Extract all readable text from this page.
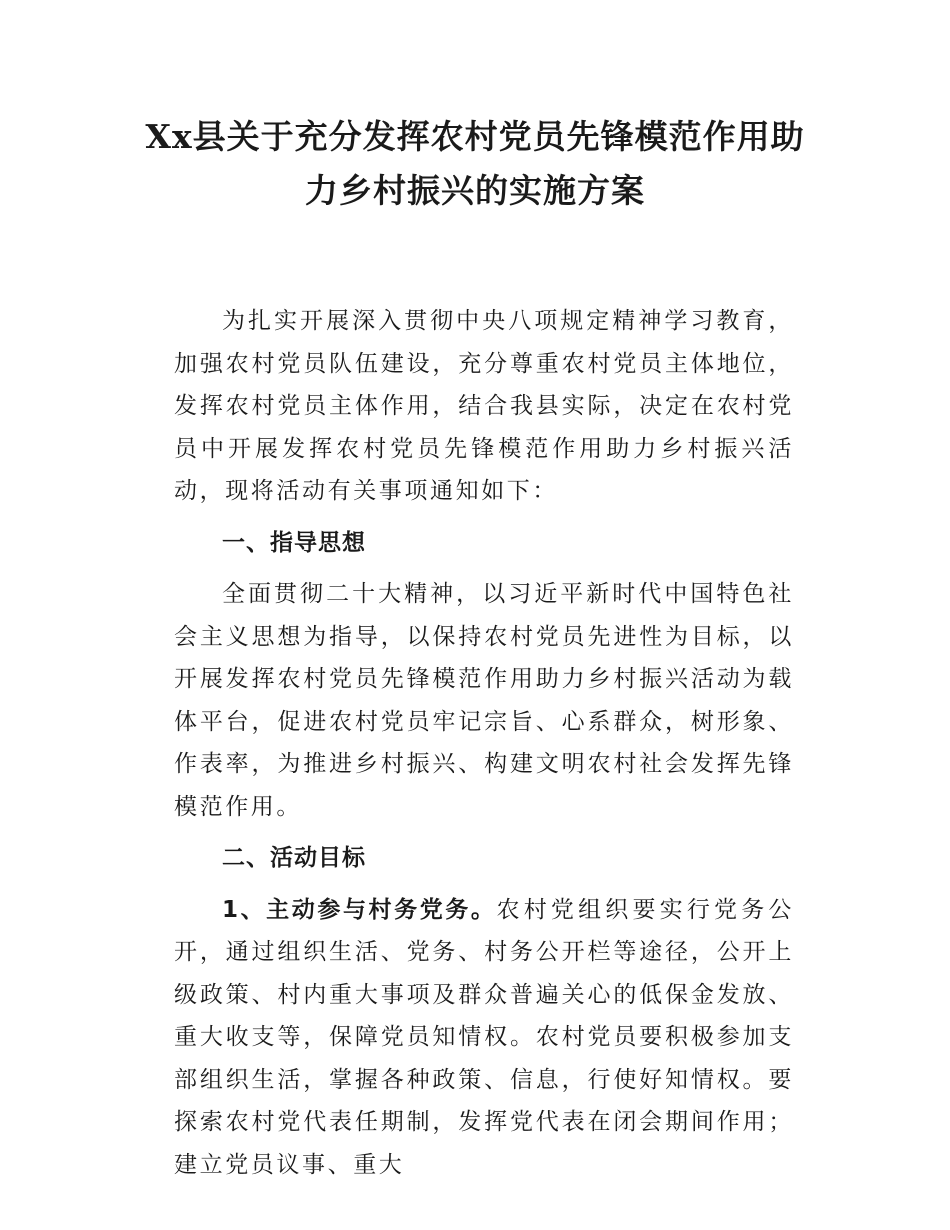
Xx县关于充分发挥农村党员先锋模范作用助力乡村振兴的实施方案

为扎实开展深入贯彻中央八项规定精神学习教育，加强农村党员队伍建设，充分尊重农村党员主体地位，发挥农村党员主体作用，结合我县实际，决定在农村党员中开展发挥农村党员先锋模范作用助力乡村振兴活动，现将活动有关事项通知如下：

一、指导思想

全面贯彻二十大精神，以习近平新时代中国特色社会主义思想为指导，以保持农村党员先进性为目标，以开展发挥农村党员先锋模范作用助力乡村振兴活动为载体平台，促进农村党员牢记宗旨、心系群众，树形象、作表率，为推进乡村振兴、构建文明农村社会发挥先锋模范作用。

二、活动目标

1、主动参与村务党务。农村党组织要实行党务公开，通过组织生活、党务、村务公开栏等途径，公开上级政策、村内重大事项及群众普遍关心的低保金发放、重大收支等，保障党员知情权。农村党员要积极参加支部组织生活，掌握各种政策、信息，行使好知情权。要探索农村党代表任期制，发挥党代表在闭会期间作用；建立党员议事、重大
